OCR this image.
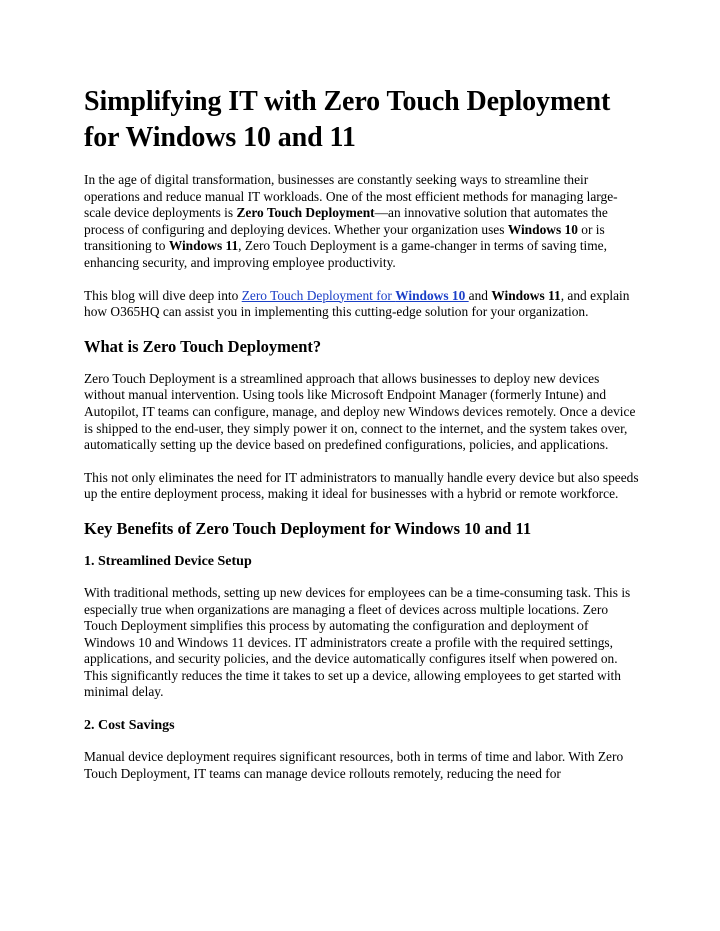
Simplifying IT with Zero Touch Deployment for Windows 10 and 11

In the age of digital transformation, businesses are constantly seeking ways to streamline their operations and reduce manual IT workloads. One of the most efficient methods for managing large-scale device deployments is Zero Touch Deployment—an innovative solution that automates the process of configuring and deploying devices. Whether your organization uses Windows 10 or is transitioning to Windows 11, Zero Touch Deployment is a game-changer in terms of saving time, enhancing security, and improving employee productivity.

This blog will dive deep into Zero Touch Deployment for Windows 10 and Windows 11, and explain how O365HQ can assist you in implementing this cutting-edge solution for your organization.

What is Zero Touch Deployment?

Zero Touch Deployment is a streamlined approach that allows businesses to deploy new devices without manual intervention. Using tools like Microsoft Endpoint Manager (formerly Intune) and Autopilot, IT teams can configure, manage, and deploy new Windows devices remotely. Once a device is shipped to the end-user, they simply power it on, connect to the internet, and the system takes over, automatically setting up the device based on predefined configurations, policies, and applications.

This not only eliminates the need for IT administrators to manually handle every device but also speeds up the entire deployment process, making it ideal for businesses with a hybrid or remote workforce.

Key Benefits of Zero Touch Deployment for Windows 10 and 11
1. Streamlined Device Setup

With traditional methods, setting up new devices for employees can be a time-consuming task. This is especially true when organizations are managing a fleet of devices across multiple locations. Zero Touch Deployment simplifies this process by automating the configuration and deployment of Windows 10 and Windows 11 devices. IT administrators create a profile with the required settings, applications, and security policies, and the device automatically configures itself when powered on. This significantly reduces the time it takes to set up a device, allowing employees to get started with minimal delay.

2. Cost Savings

Manual device deployment requires significant resources, both in terms of time and labor. With Zero Touch Deployment, IT teams can manage device rollouts remotely, reducing the need for
